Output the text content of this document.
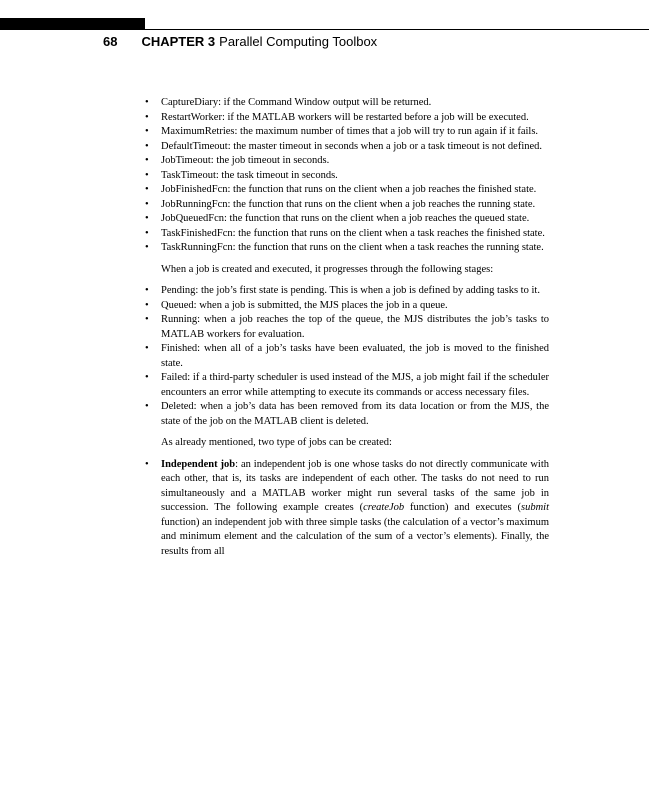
68 CHAPTER 3 Parallel Computing Toolbox
• CaptureDiary: if the Command Window output will be returned.
• RestartWorker: if the MATLAB workers will be restarted before a job will be executed.
• MaximumRetries: the maximum number of times that a job will try to run again if it fails.
• DefaultTimeout: the master timeout in seconds when a job or a task timeout is not defined.
• JobTimeout: the job timeout in seconds.
• TaskTimeout: the task timeout in seconds.
• JobFinishedFcn: the function that runs on the client when a job reaches the finished state.
• JobRunningFcn: the function that runs on the client when a job reaches the running state.
• JobQueuedFcn: the function that runs on the client when a job reaches the queued state.
• TaskFinishedFcn: the function that runs on the client when a task reaches the finished state.
• TaskRunningFcn: the function that runs on the client when a task reaches the running state.

When a job is created and executed, it progresses through the following stages:

• Pending: the job’s first state is pending. This is when a job is defined by adding tasks to it.
• Queued: when a job is submitted, the MJS places the job in a queue.
• Running: when a job reaches the top of the queue, the MJS distributes the job’s tasks to MATLAB workers for evaluation.
• Finished: when all of a job’s tasks have been evaluated, the job is moved to the finished state.
• Failed: if a third-party scheduler is used instead of the MJS, a job might fail if the scheduler encounters an error while attempting to execute its commands or access necessary files.
• Deleted: when a job’s data has been removed from its data location or from the MJS, the state of the job on the MATLAB client is deleted.

As already mentioned, two type of jobs can be created:

• Independent job: an independent job is one whose tasks do not directly communicate with each other, that is, its tasks are independent of each other. The tasks do not need to run simultaneously and a MATLAB worker might run several tasks of the same job in succession. The following example creates (createJob function) and executes (submit function) an independent job with three simple tasks (the calculation of a vector’s maximum and minimum element and the calculation of the sum of a vector’s elements). Finally, the results from all
